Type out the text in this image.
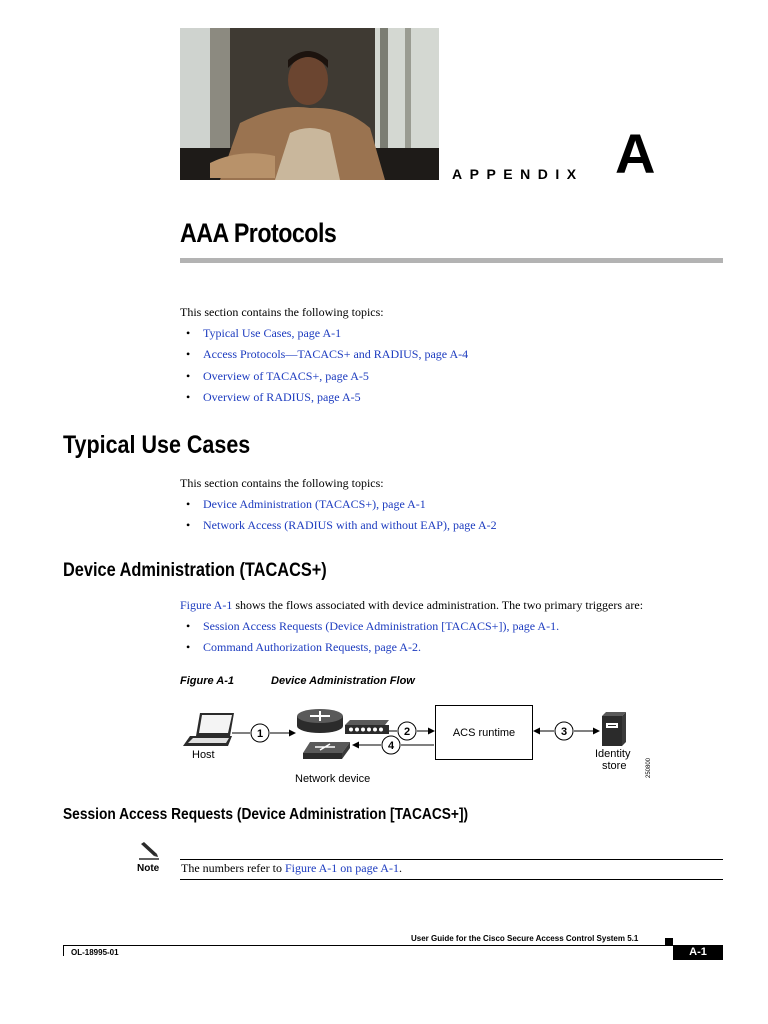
APPENDIX A
AAA Protocols
This section contains the following topics:
• Typical Use Cases, page A-1
• Access Protocols—TACACS+ and RADIUS, page A-4
• Overview of TACACS+, page A-5
• Overview of RADIUS, page A-5
Typical Use Cases
This section contains the following topics:
• Device Administration (TACACS+), page A-1
• Network Access (RADIUS with and without EAP), page A-2
Device Administration (TACACS+)
Figure A-1 shows the flows associated with device administration. The two primary triggers are:
• Session Access Requests (Device Administration [TACACS+]), page A-1.
• Command Authorization Requests, page A-2.
Figure A-1	Device Administration Flow
1	2
4
3
ACS runtime
Host
Network device
Identity
store	250800
Session Access Requests (Device Administration [TACACS+])
Note The numbers refer to Figure A-1 on page A-1.
User Guide for the Cisco Secure Access Control System 5.1
OL-18995-01	A-1
